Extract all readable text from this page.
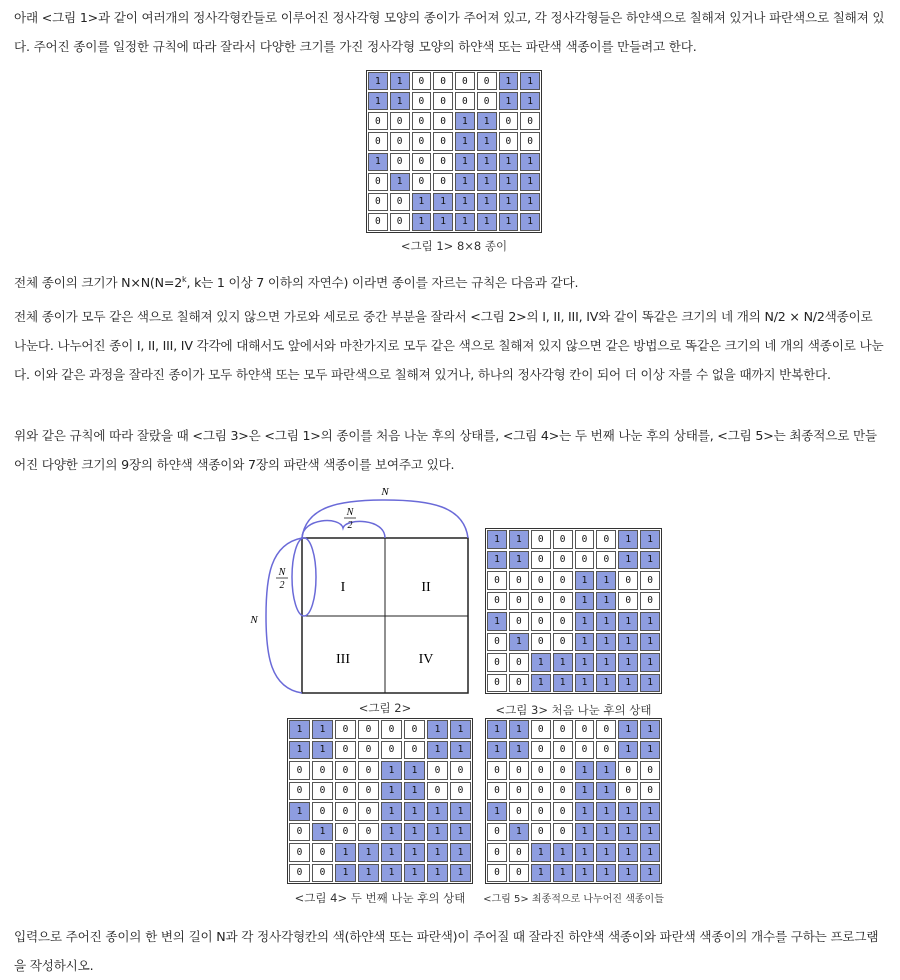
아래 <그림 1>과 같이 여러개의 정사각형칸들로 이루어진 정사각형 모양의 종이가 주어져 있고, 각 정사각형들은 하얀색으로 칠해져 있거나 파란색으로 칠해져 있다. 주어진 종이를 일정한 규칙에 따라 잘라서 다양한 크기를 가진 정사각형 모양의 하얀색 또는 파란색 색종이를 만들려고 한다.
1	1	0	0	0	0	1	1
1	1	0	0	0	0	1	1
0	0	0	0	1	1	0	0
0	0	0	0	1	1	0	0
1	0	0	0	1	1	1	1
0	1	0	0	1	1	1	1
0	0	1	1	1	1	1	1
0	0	1	1	1	1	1	1
<그림 1> 8×8 종이
전체 종이의 크기가 $N\times N(N=2^k$, k는 1 이상 7 이하의 자연수) 이라면 종이를 자르는 규칙은 다음과 같다.
전체 종이가 모두 같은 색으로 칠해져 있지 않으면 가로와 세로로 중간 부분을 잘라서 <그림 2>의 I, II, III, IV와 같이 똑같은 크기의 네 개의 N/2 × N/2색종이로 나눈다. 나누어진 종이 I, II, III, IV 각각에 대해서도 앞에서와 마찬가지로 모두 같은 색으로 칠해져 있지 않으면 같은 방법으로 똑같은 크기의 네 개의 색종이로 나눈다. 이와 같은 과정을 잘라진 종이가 모두 하얀색 또는 모두 파란색으로 칠해져 있거나, 하나의 정사각형 칸이 되어 더 이상 자를 수 없을 때까지 반복한다.
위와 같은 규칙에 따라 잘랐을 때 <그림 3>은 <그림 1>의 종이를 처음 나눈 후의 상태를, <그림 4>는 두 번째 나눈 후의 상태를, <그림 5>는 최종적으로 만들어진 다양한 크기의 9장의 하얀색 색종이와 7장의 파란색 색종이를 보여주고 있다.
I	II
III	IV
N
N
2
N
2
N
<그림 2>
1	1	0	0	0	0	1	1
1	1	0	0	0	0	1	1
0	0	0	0	1	1	0	0
0	0	0	0	1	1	0	0
1	0	0	0	1	1	1	1
0	1	0	0	1	1	1	1
0	0	1	1	1	1	1	1
0	0	1	1	1	1	1	1
<그림 3> 처음 나눈 후의 상태
1	1	0	0	0	0	1	1
1	1	0	0	0	0	1	1
0	0	0	0	1	1	0	0
0	0	0	0	1	1	0	0
1	0	0	0	1	1	1	1
0	1	0	0	1	1	1	1
0	0	1	1	1	1	1	1
0	0	1	1	1	1	1	1
<그림 4> 두 번째 나눈 후의 상태
1	1	0	0	0	0	1	1
1	1	0	0	0	0	1	1
0	0	0	0	1	1	0	0
0	0	0	0	1	1	0	0
1	0	0	0	1	1	1	1
0	1	0	0	1	1	1	1
0	0	1	1	1	1	1	1
0	0	1	1	1	1	1	1
<그림 5> 최종적으로 나누어진 색종이들
입력으로 주어진 종이의 한 변의 길이 N과 각 정사각형칸의 색(하얀색 또는 파란색)이 주어질 때 잘라진 하얀색 색종이와 파란색 색종이의 개수를 구하는 프로그램을 작성하시오.
